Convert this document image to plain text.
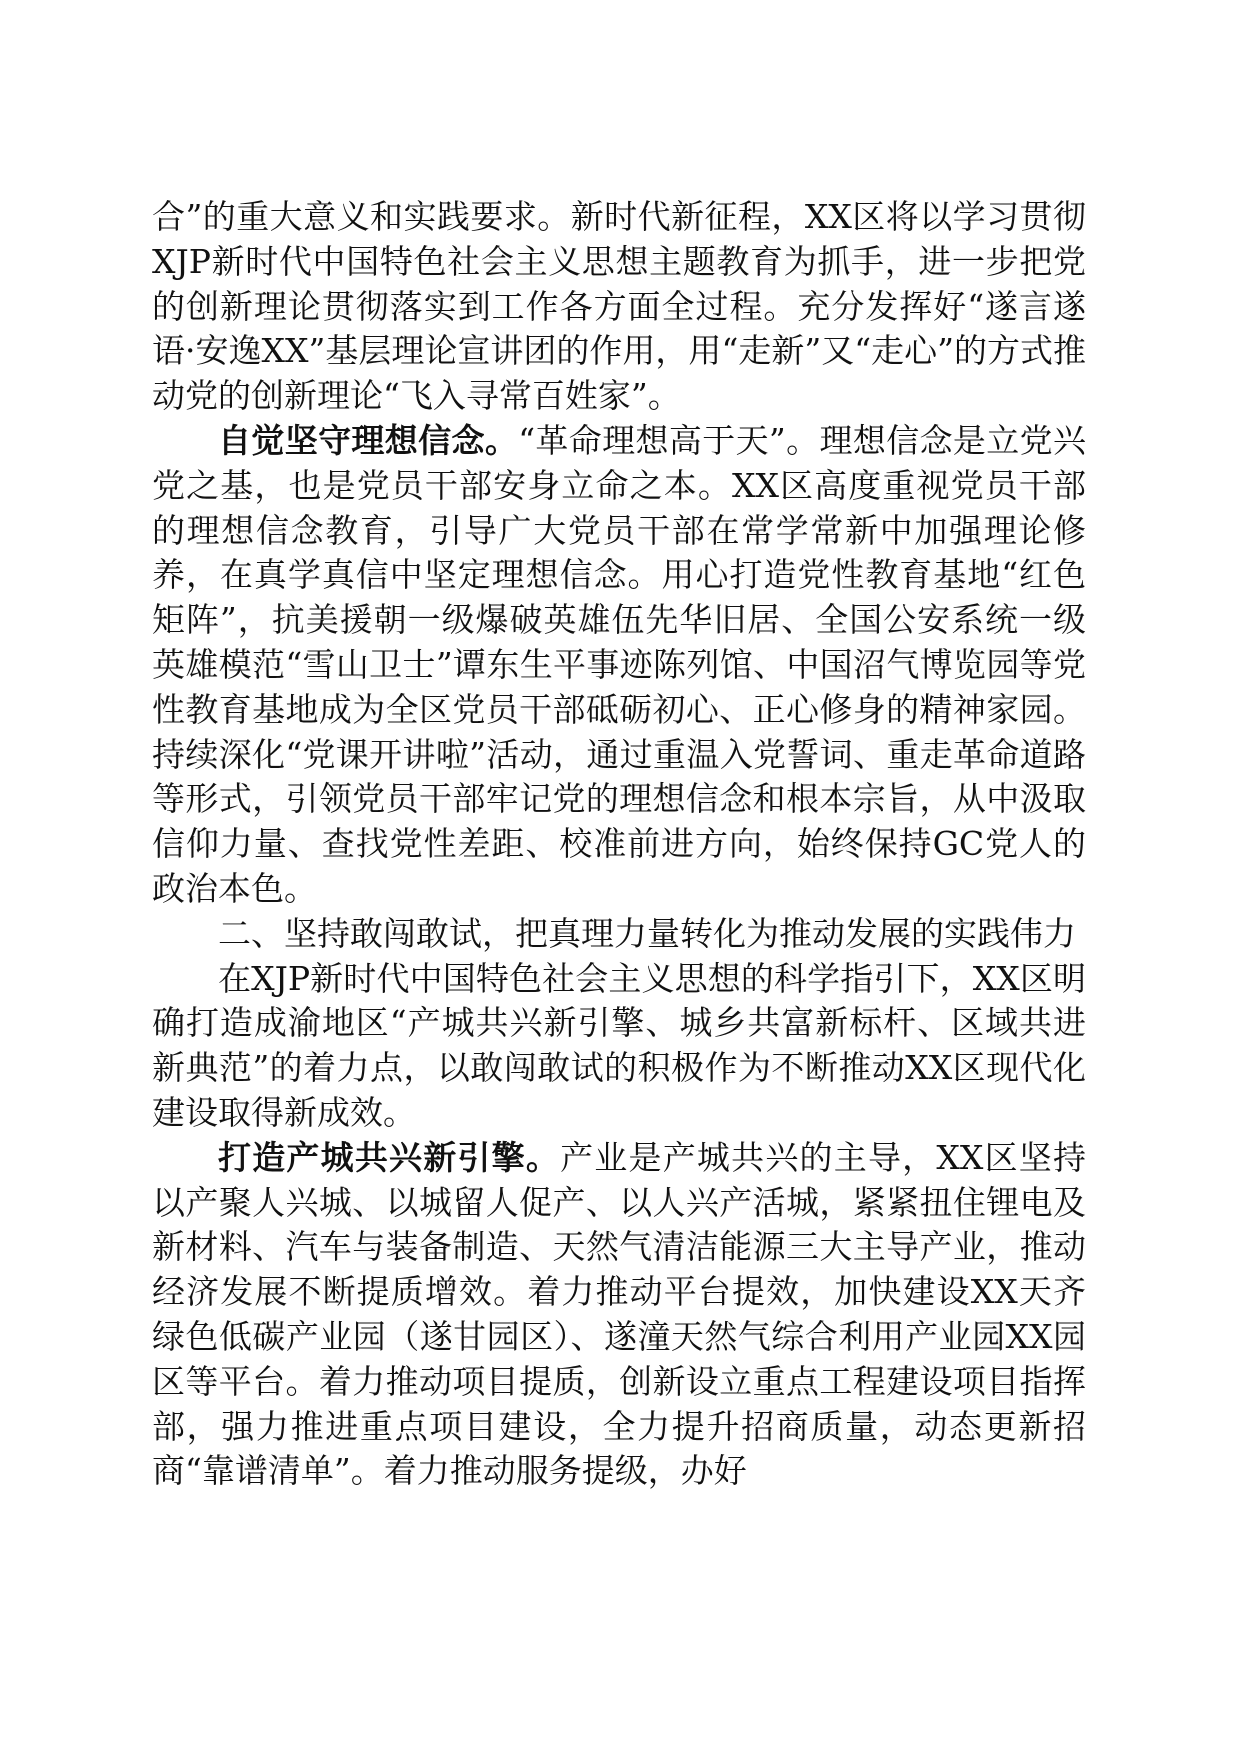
合”的重大意义和实践要求。新时代新征程，XX区将以学习贯彻XJP新时代中国特色社会主义思想主题教育为抓手，进一步把党的创新理论贯彻落实到工作各方面全过程。充分发挥好“遂言遂语·安逸XX”基层理论宣讲团的作用，用“走新”又“走心”的方式推动党的创新理论“飞入寻常百姓家”。

自觉坚守理想信念。“革命理想高于天”。理想信念是立党兴党之基，也是党员干部安身立命之本。XX区高度重视党员干部的理想信念教育，引导广大党员干部在常学常新中加强理论修养，在真学真信中坚定理想信念。用心打造党性教育基地“红色矩阵”，抗美援朝一级爆破英雄伍先华旧居、全国公安系统一级英雄模范“雪山卫士”谭东生平事迹陈列馆、中国沼气博览园等党性教育基地成为全区党员干部砥砺初心、正心修身的精神家园。持续深化“党课开讲啦”活动，通过重温入党誓词、重走革命道路等形式，引领党员干部牢记党的理想信念和根本宗旨，从中汲取信仰力量、查找党性差距、校准前进方向，始终保持GC党人的政治本色。

二、坚持敢闯敢试，把真理力量转化为推动发展的实践伟力

在XJP新时代中国特色社会主义思想的科学指引下，XX区明确打造成渝地区“产城共兴新引擎、城乡共富新标杆、区域共进新典范”的着力点，以敢闯敢试的积极作为不断推动XX区现代化建设取得新成效。

打造产城共兴新引擎。产业是产城共兴的主导，XX区坚持以产聚人兴城、以城留人促产、以人兴产活城，紧紧扭住锂电及新材料、汽车与装备制造、天然气清洁能源三大主导产业，推动经济发展不断提质增效。着力推动平台提效，加快建设XX天齐绿色低碳产业园（遂甘园区）、遂潼天然气综合利用产业园XX园区等平台。着力推动项目提质，创新设立重点工程建设项目指挥部，强力推进重点项目建设，全力提升招商质量，动态更新招商“靠谱清单”。着力推动服务提级，办好
